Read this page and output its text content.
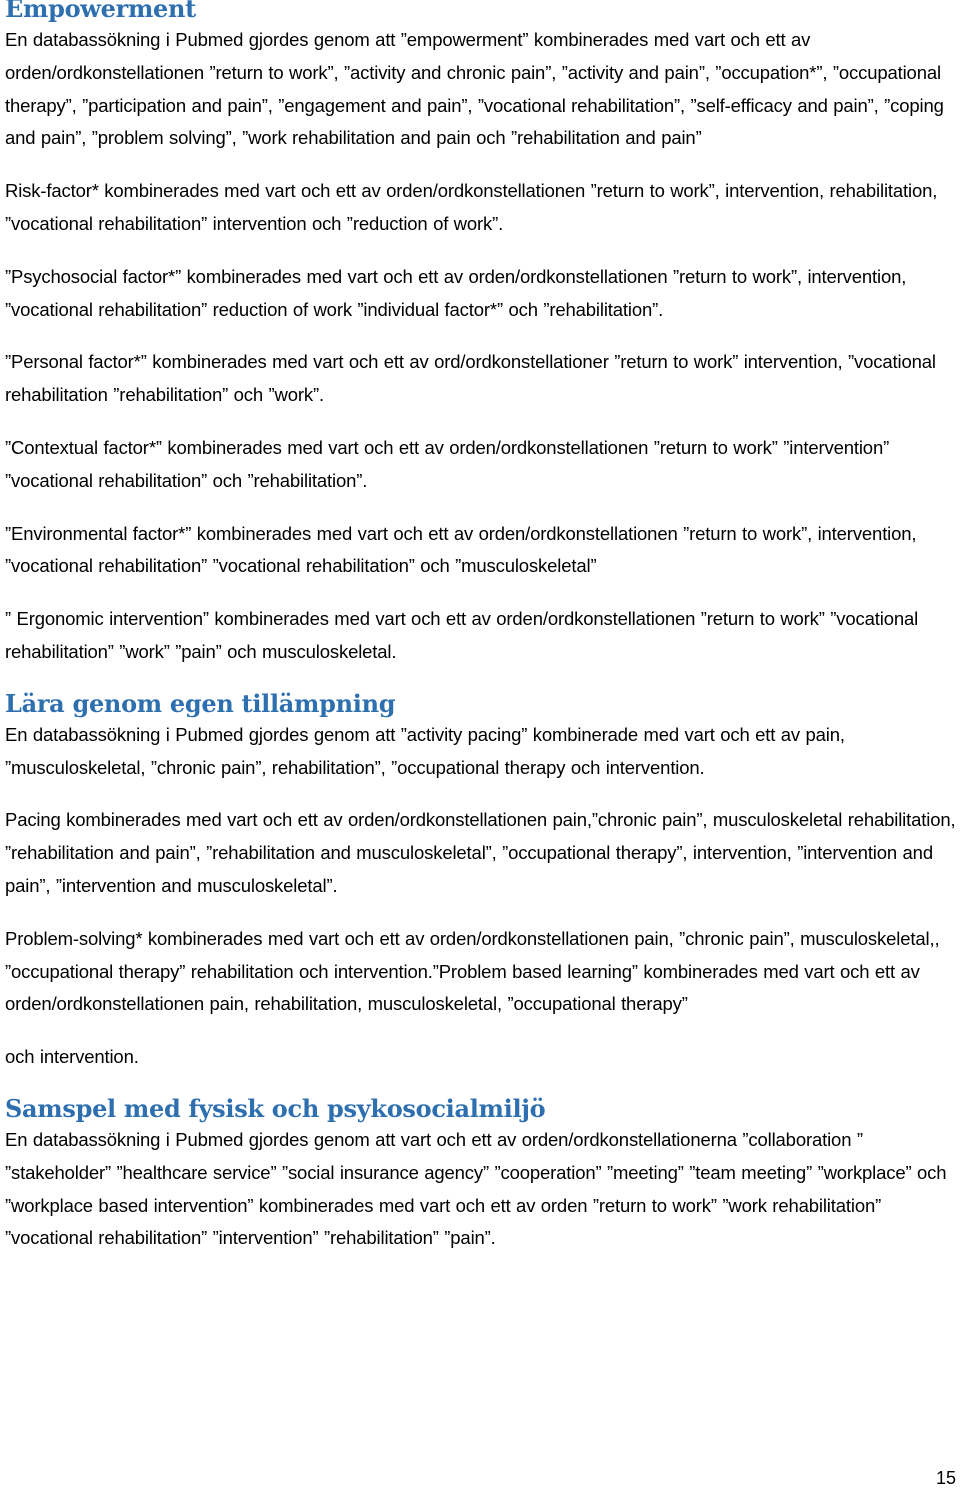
Empowerment

En databassökning i Pubmed gjordes genom att ”empowerment” kombinerades med vart och ett av orden/ordkonstellationen ”return to work”, ”activity and chronic pain”, ”activity and pain”, ”occupation*”, ”occupational therapy”, ”participation and pain”, ”engagement and pain”, ”vocational rehabilitation”, ”self-efficacy and pain”, ”coping and pain”, ”problem solving”, ”work rehabilitation and pain och ”rehabilitation and pain”

Risk-factor* kombinerades med vart och ett av orden/ordkonstellationen ”return to work”, intervention, rehabilitation, ”vocational rehabilitation” intervention och ”reduction of work”.

”Psychosocial factor*” kombinerades med vart och ett av orden/ordkonstellationen ”return to work”, intervention, ”vocational rehabilitation” reduction of work ”individual factor*” och ”rehabilitation”.

”Personal factor*” kombinerades med vart och ett av ord/ordkonstellationer ”return to work” intervention, ”vocational rehabilitation ”rehabilitation” och ”work”.

”Contextual factor*” kombinerades med vart och ett av orden/ordkonstellationen ”return to work” ”intervention” ”vocational rehabilitation” och ”rehabilitation”.

”Environmental factor*” kombinerades med vart och ett av orden/ordkonstellationen ”return to work”, intervention, ”vocational rehabilitation” ”vocational rehabilitation” och ”musculoskeletal”

” Ergonomic intervention” kombinerades med vart och ett av orden/ordkonstellationen ”return to work” ”vocational rehabilitation” ”work” ”pain” och musculoskeletal.

Lära genom egen tillämpning

En databassökning i Pubmed gjordes genom att ”activity pacing” kombinerade med vart och ett av pain, ”musculoskeletal, ”chronic pain”, rehabilitation”, ”occupational therapy och intervention.

Pacing kombinerades med vart och ett av orden/ordkonstellationen pain,”chronic pain”, musculoskeletal rehabilitation, ”rehabilitation and pain”, ”rehabilitation and musculoskeletal”, ”occupational therapy”, intervention, ”intervention and pain”, ”intervention and musculoskeletal”.

Problem-solving* kombinerades med vart och ett av orden/ordkonstellationen pain, ”chronic pain”, musculoskeletal,, ”occupational therapy” rehabilitation och intervention.”Problem based learning” kombinerades med vart och ett av orden/ordkonstellationen pain, rehabilitation, musculoskeletal, ”occupational therapy”

och intervention.

Samspel med fysisk och psykosocialmiljö

En databassökning i Pubmed gjordes genom att vart och ett av orden/ordkonstellationerna ”collaboration ” ”stakeholder” ”healthcare service” ”social insurance agency” ”cooperation” ”meeting” ”team meeting” ”workplace” och ”workplace based intervention” kombinerades med vart och ett av orden ”return to work” ”work rehabilitation” ”vocational rehabilitation” ”intervention” ”rehabilitation” ”pain”.

15
